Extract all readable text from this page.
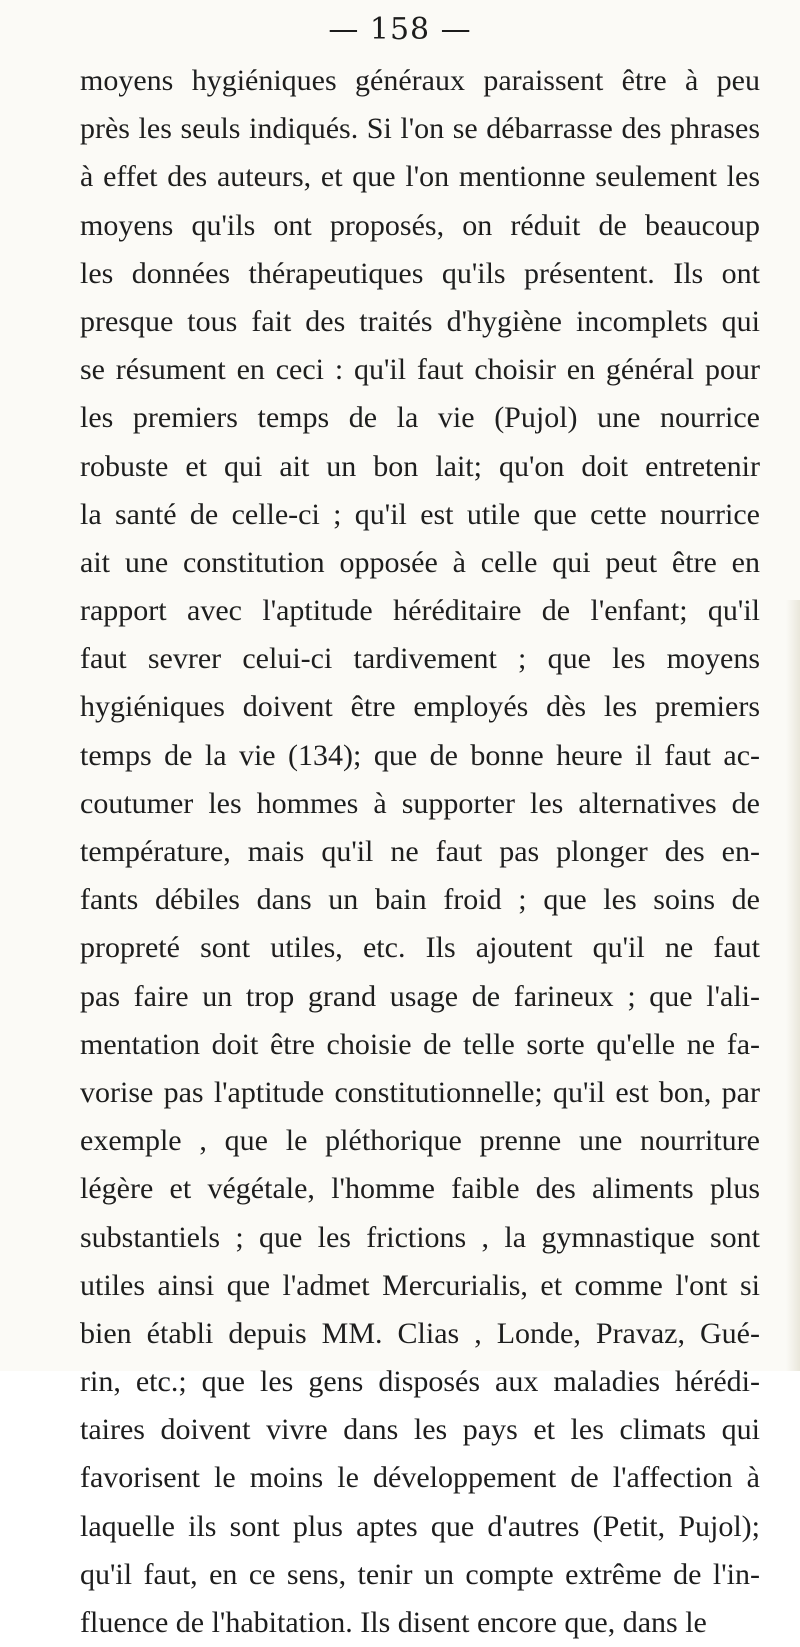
— 158 —
moyens hygiéniques généraux paraissent être à peu
près les seuls indiqués. Si l'on se débarrasse des phrases
à effet des auteurs, et que l'on mentionne seulement les
moyens qu'ils ont proposés, on réduit de beaucoup
les données thérapeutiques qu'ils présentent. Ils ont
presque tous fait des traités d'hygiène incomplets qui
se résument en ceci : qu'il faut choisir en général pour
les premiers temps de la vie (Pujol) une nourrice
robuste et qui ait un bon lait; qu'on doit entretenir
la santé de celle-ci ; qu'il est utile que cette nourrice
ait une constitution opposée à celle qui peut être en
rapport avec l'aptitude héréditaire de l'enfant; qu'il
faut sevrer celui-ci tardivement ; que les moyens
hygiéniques doivent être employés dès les premiers
temps de la vie (134); que de bonne heure il faut ac-
coutumer les hommes à supporter les alternatives de
température, mais qu'il ne faut pas plonger des en-
fants débiles dans un bain froid ; que les soins de
propreté sont utiles, etc. Ils ajoutent qu'il ne faut
pas faire un trop grand usage de farineux ; que l'ali-
mentation doit être choisie de telle sorte qu'elle ne fa-
vorise pas l'aptitude constitutionnelle; qu'il est bon, par
exemple , que le pléthorique prenne une nourriture
légère et végétale, l'homme faible des aliments plus
substantiels ; que les frictions , la gymnastique sont
utiles ainsi que l'admet Mercurialis, et comme l'ont si
bien établi depuis MM. Clias , Londe, Pravaz, Gué-
rin, etc.; que les gens disposés aux maladies hérédi-
taires doivent vivre dans les pays et les climats qui
favorisent le moins le développement de l'affection à
laquelle ils sont plus aptes que d'autres (Petit, Pujol);
qu'il faut, en ce sens, tenir un compte extrême de l'in-
fluence de l'habitation. Ils disent encore que, dans le
